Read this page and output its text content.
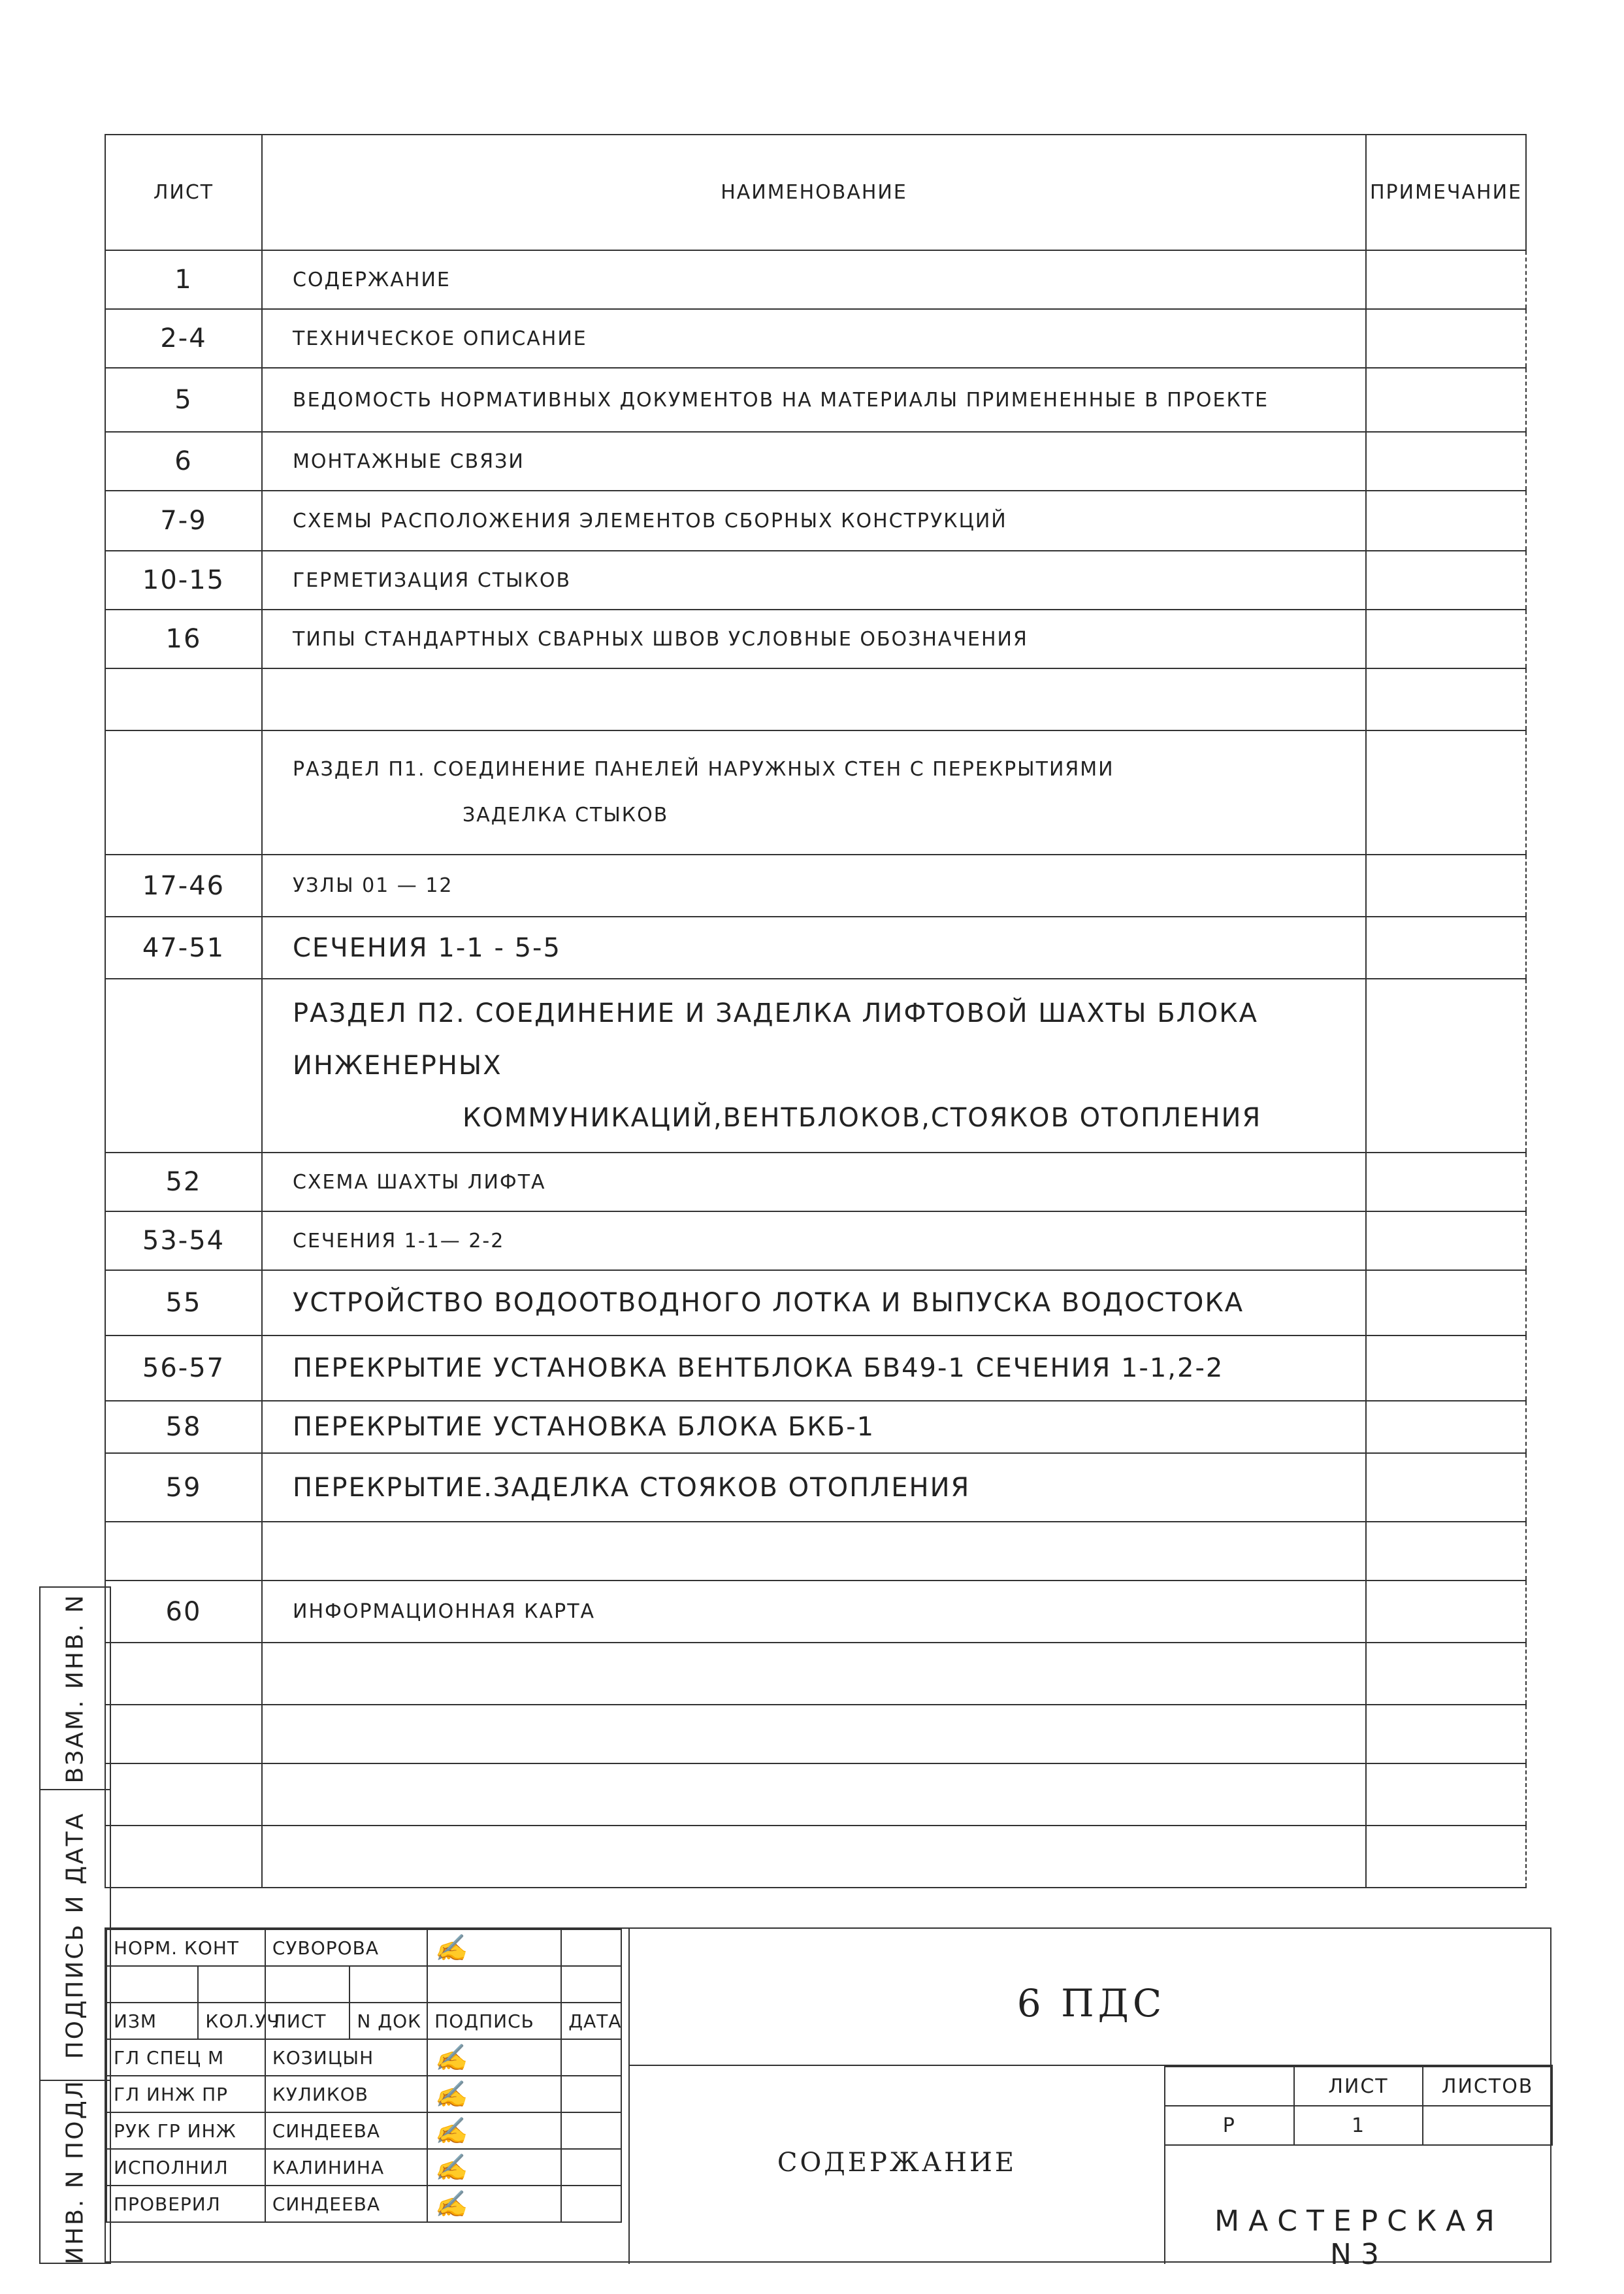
ЛИСТ	НАИМЕНОВАНИЕ	ПРИМЕЧАНИЕ
1	СОДЕРЖАНИЕ	
2-4	ТЕХНИЧЕСКОЕ ОПИСАНИЕ	
5	ВЕДОМОСТЬ НОРМАТИВНЫХ ДОКУМЕНТОВ НА МАТЕРИАЛЫ ПРИМЕНЕННЫЕ В ПРОЕКТЕ	
6	МОНТАЖНЫЕ СВЯЗИ	
7-9	СХЕМЫ РАСПОЛОЖЕНИЯ ЭЛЕМЕНТОВ СБОРНЫХ КОНСТРУКЦИЙ	
10-15	ГЕРМЕТИЗАЦИЯ СТЫКОВ	
16	ТИПЫ СТАНДАРТНЫХ СВАРНЫХ ШВОВ УСЛОВНЫЕ ОБОЗНАЧЕНИЯ	

	РАЗДЕЛ П1. СОЕДИНЕНИЕ ПАНЕЛЕЙ НАРУЖНЫХ СТЕН С ПЕРЕКРЫТИЯМИ
ЗАДЕЛКА СТЫКОВ	

17-46	УЗЛЫ 01 — 12	
47-51	СЕЧЕНИЯ 1-1 - 5-5	
	РАЗДЕЛ П2. СОЕДИНЕНИЕ И ЗАДЕЛКА ЛИФТОВОЙ ШАХТЫ БЛОКА ИНЖЕНЕРНЫХ
КОММУНИКАЦИЙ,ВЕНТБЛОКОВ,СТОЯКОВ ОТОПЛЕНИЯ	

52	СХЕМА ШАХТЫ ЛИФТА	
53-54	СЕЧЕНИЯ 1-1— 2-2	
55	УСТРОЙСТВО ВОДООТВОДНОГО ЛОТКА И ВЫПУСКА ВОДОСТОКА	
56-57	ПЕРЕКРЫТИЕ УСТАНОВКА ВЕНТБЛОКА БВ49-1 СЕЧЕНИЯ 1-1,2-2	
58	ПЕРЕКРЫТИЕ УСТАНОВКА БЛОКА БКБ-1	
59	ПЕРЕКРЫТИЕ.ЗАДЕЛКА СТОЯКОВ ОТОПЛЕНИЯ	

60	ИНФОРМАЦИОННАЯ КАРТА	

ВЗАМ. ИНВ. N

ПОДПИСЬ И ДАТА

ИНВ. N ПОДЛ
НОРМ. КОНТ		СУВОРОВА		✍	

ИЗМ	КОЛ.УЧ	ЛИСТ	N ДОК	ПОДПИСЬ	ДАТА
ГЛ СПЕЦ М		КОЗИЦЫН		✍	
ГЛ ИНЖ ПР		КУЛИКОВ		✍	
РУК ГР ИНЖ		СИНДЕЕВА		✍	
ИСПОЛНИЛ		КАЛИНИНА		✍	
ПРОВЕРИЛ		СИНДЕЕВА		✍	
6 ПДС
СОДЕРЖАНИЕ
	ЛИСТ	ЛИСТОВ
Р	1	
МАСТЕРСКАЯ N3
